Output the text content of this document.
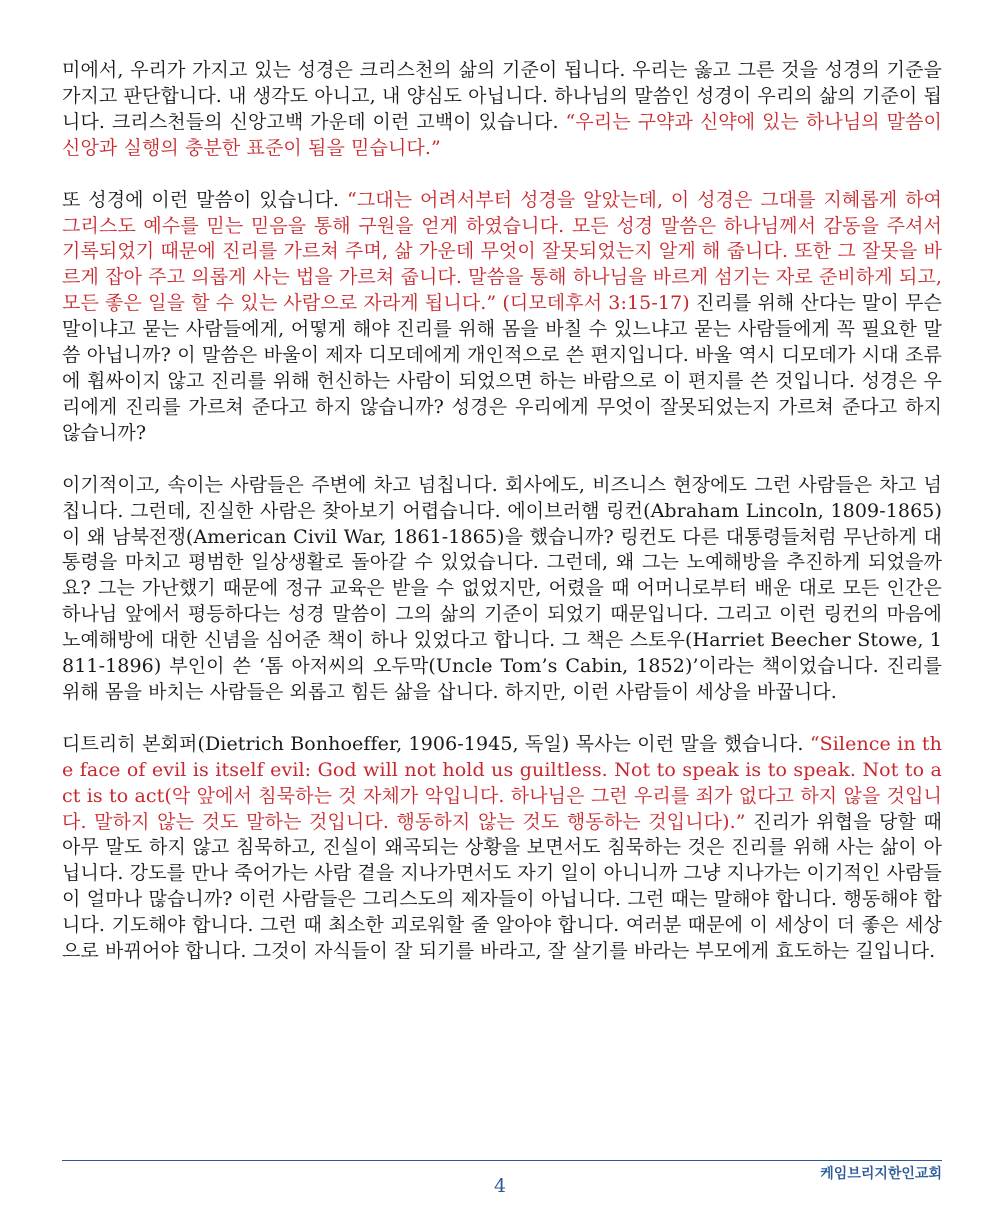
미에서, 우리가 가지고 있는 성경은 크리스천의 삶의 기준이 됩니다. 우리는 옳고 그른 것을 성경의 기준을 가지고 판단합니다. 내 생각도 아니고, 내 양심도 아닙니다. 하나님의 말씀인 성경이 우리의 삶의 기준이 됩니다. 크리스천들의 신앙고백 가운데 이런 고백이 있습니다. “우리는 구약과 신약에 있는 하나님의 말씀이 신앙과 실행의 충분한 표준이 됨을 믿습니다.”

또 성경에 이런 말씀이 있습니다. “그대는 어려서부터 성경을 알았는데, 이 성경은 그대를 지혜롭게 하여 그리스도 예수를 믿는 믿음을 통해 구원을 얻게 하였습니다. 모든 성경 말씀은 하나님께서 감동을 주셔서 기록되었기 때문에 진리를 가르쳐 주며, 삶 가운데 무엇이 잘못되었는지 알게 해 줍니다. 또한 그 잘못을 바르게 잡아 주고 의롭게 사는 법을 가르쳐 줍니다. 말씀을 통해 하나님을 바르게 섬기는 자로 준비하게 되고, 모든 좋은 일을 할 수 있는 사람으로 자라게 됩니다.” (디모데후서 3:15-17) 진리를 위해 산다는 말이 무슨 말이냐고 묻는 사람들에게, 어떻게 해야 진리를 위해 몸을 바칠 수 있느냐고 묻는 사람들에게 꼭 필요한 말씀 아닙니까? 이 말씀은 바울이 제자 디모데에게 개인적으로 쓴 편지입니다. 바울 역시 디모데가 시대 조류에 휩싸이지 않고 진리를 위해 헌신하는 사람이 되었으면 하는 바람으로 이 편지를 쓴 것입니다. 성경은 우리에게 진리를 가르쳐 준다고 하지 않습니까? 성경은 우리에게 무엇이 잘못되었는지 가르쳐 준다고 하지 않습니까?

이기적이고, 속이는 사람들은 주변에 차고 넘칩니다. 회사에도, 비즈니스 현장에도 그런 사람들은 차고 넘칩니다. 그런데, 진실한 사람은 찾아보기 어렵습니다. 에이브러햄 링컨(Abraham Lincoln, 1809-1865)이 왜 남북전쟁(American Civil War, 1861-1865)을 했습니까? 링컨도 다른 대통령들처럼 무난하게 대통령을 마치고 평범한 일상생활로 돌아갈 수 있었습니다. 그런데, 왜 그는 노예해방을 추진하게 되었을까요? 그는 가난했기 때문에 정규 교육은 받을 수 없었지만, 어렸을 때 어머니로부터 배운 대로 모든 인간은 하나님 앞에서 평등하다는 성경 말씀이 그의 삶의 기준이 되었기 때문입니다. 그리고 이런 링컨의 마음에 노예해방에 대한 신념을 심어준 책이 하나 있었다고 합니다. 그 책은 스토우(Harriet Beecher Stowe, 1811-1896) 부인이 쓴 ‘톰 아저씨의 오두막(Uncle Tom’s Cabin, 1852)’이라는 책이었습니다. 진리를 위해 몸을 바치는 사람들은 외롭고 힘든 삶을 삽니다. 하지만, 이런 사람들이 세상을 바꿉니다.

디트리히 본회퍼(Dietrich Bonhoeffer, 1906-1945, 독일) 목사는 이런 말을 했습니다. “Silence in the face of evil is itself evil: God will not hold us guiltless. Not to speak is to speak. Not to act is to act(악 앞에서 침묵하는 것 자체가 악입니다. 하나님은 그런 우리를 죄가 없다고 하지 않을 것입니다. 말하지 않는 것도 말하는 것입니다. 행동하지 않는 것도 행동하는 것입니다).” 진리가 위협을 당할 때 아무 말도 하지 않고 침묵하고, 진실이 왜곡되는 상황을 보면서도 침묵하는 것은 진리를 위해 사는 삶이 아닙니다. 강도를 만나 죽어가는 사람 곁을 지나가면서도 자기 일이 아니니까 그냥 지나가는 이기적인 사람들이 얼마나 많습니까? 이런 사람들은 그리스도의 제자들이 아닙니다. 그런 때는 말해야 합니다. 행동해야 합니다. 기도해야 합니다. 그런 때 최소한 괴로워할 줄 알아야 합니다. 여러분 때문에 이 세상이 더 좋은 세상으로 바뀌어야 합니다. 그것이 자식들이 잘 되기를 바라고, 잘 살기를 바라는 부모에게 효도하는 길입니다.

4
케임브리지한인교회
